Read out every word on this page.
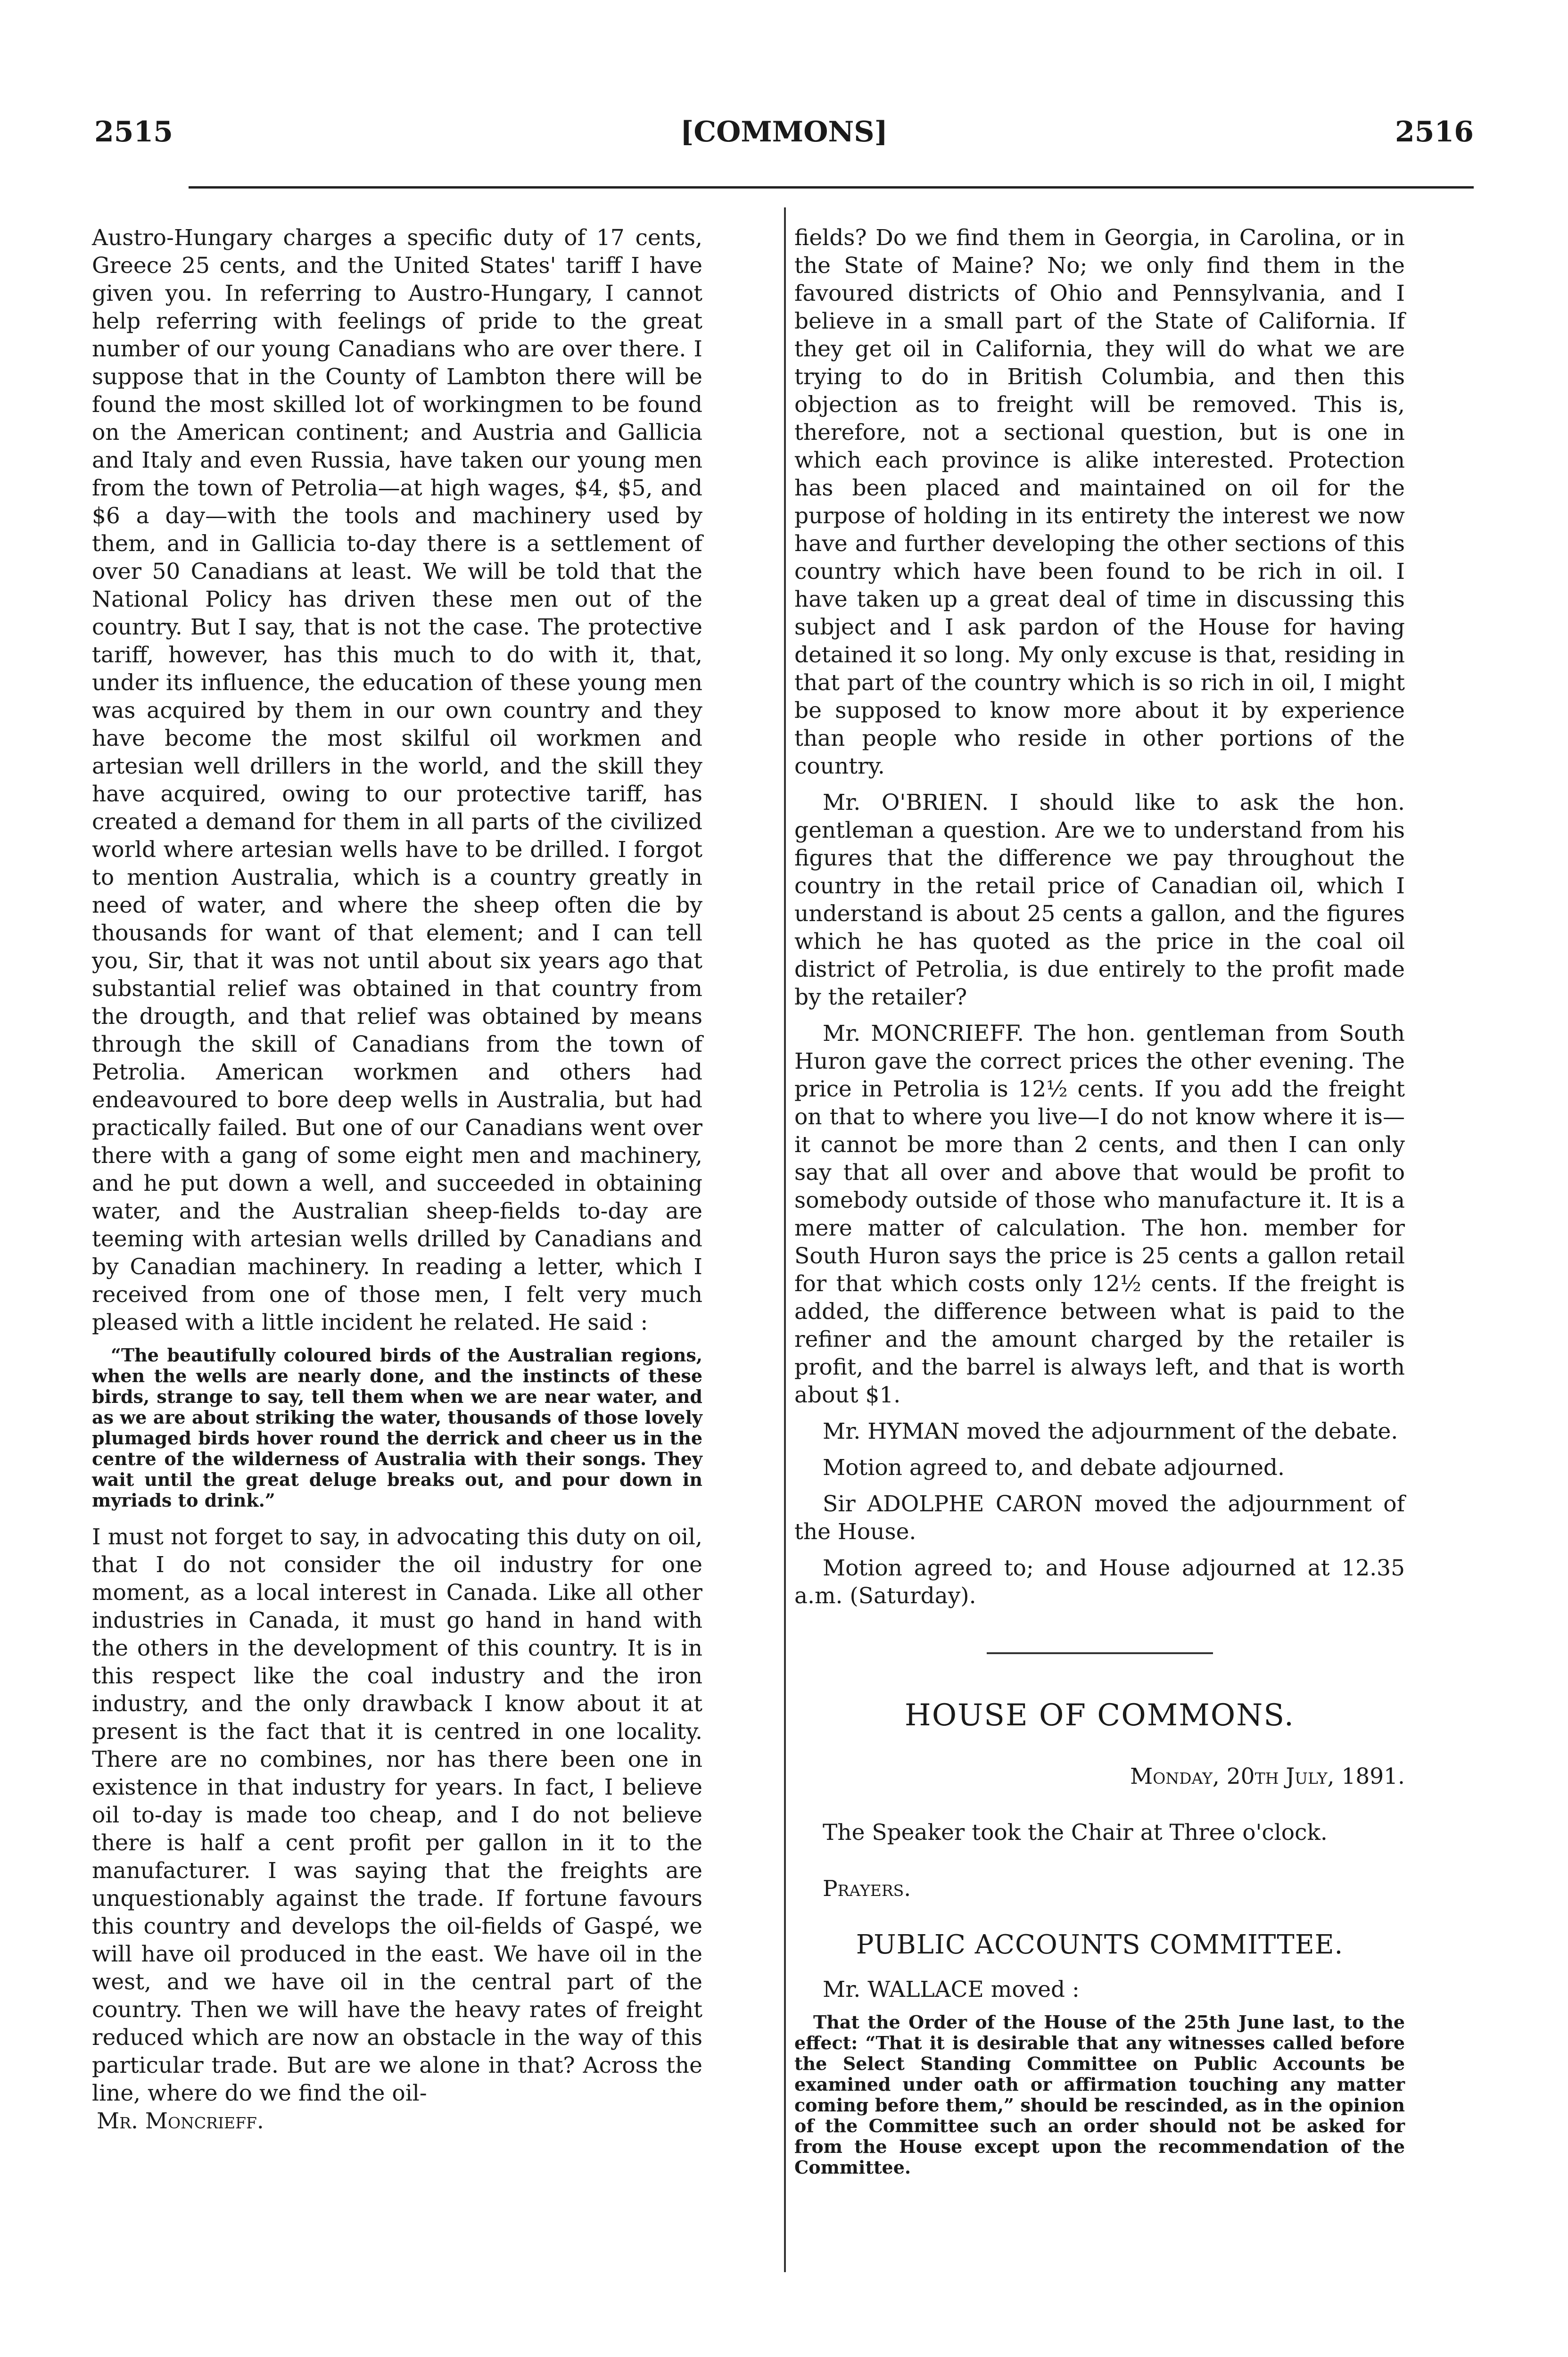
2515	[COMMONS]	2516

Austro-Hungary charges a specific duty of 17 cents, Greece 25 cents, and the United States' tariff I have given you. In referring to Austro-Hungary, I cannot help referring with feelings of pride to the great number of our young Canadians who are over there. I suppose that in the County of Lambton there will be found the most skilled lot of workingmen to be found on the American continent; and Austria and Gallicia and Italy and even Russia, have taken our young men from the town of Petrolia—at high wages, $4, $5, and $6 a day—with the tools and machinery used by them, and in Gallicia to-day there is a settlement of over 50 Canadians at least. We will be told that the National Policy has driven these men out of the country. But I say, that is not the case. The protective tariff, however, has this much to do with it, that, under its influence, the education of these young men was acquired by them in our own country and they have become the most skilful oil workmen and artesian well drillers in the world, and the skill they have acquired, owing to our protective tariff, has created a demand for them in all parts of the civilized world where artesian wells have to be drilled. I forgot to mention Australia, which is a country greatly in need of water, and where the sheep often die by thousands for want of that element; and I can tell you, Sir, that it was not until about six years ago that substantial relief was obtained in that country from the drougth, and that relief was obtained by means through the skill of Canadians from the town of Petrolia. American workmen and others had endeavoured to bore deep wells in Australia, but had practically failed. But one of our Canadians went over there with a gang of some eight men and machinery, and he put down a well, and succeeded in obtaining water, and the Australian sheep-fields to-day are teeming with artesian wells drilled by Canadians and by Canadian machinery. In reading a letter, which I received from one of those men, I felt very much pleased with a little incident he related. He said :

“The beautifully coloured birds of the Australian regions, when the wells are nearly done, and the instincts of these birds, strange to say, tell them when we are near water, and as we are about striking the water, thousands of those lovely plumaged birds hover round the derrick and cheer us in the centre of the wilderness of Australia with their songs. They wait until the great deluge breaks out, and pour down in myriads to drink.”

I must not forget to say, in advocating this duty on oil, that I do not consider the oil industry for one moment, as a local interest in Canada. Like all other industries in Canada, it must go hand in hand with the others in the development of this country. It is in this respect like the coal industry and the iron industry, and the only drawback I know about it at present is the fact that it is centred in one locality. There are no combines, nor has there been one in existence in that industry for years. In fact, I believe oil to-day is made too cheap, and I do not believe there is half a cent profit per gallon in it to the manufacturer. I was saying that the freights are unquestionably against the trade. If fortune favours this country and develops the oil-fields of Gaspé, we will have oil produced in the east. We have oil in the west, and we have oil in the central part of the country. Then we will have the heavy rates of freight reduced which are now an obstacle in the way of this particular trade. But are we alone in that? Across the line, where do we find the oil-

Mr. Moncrieff.

fields? Do we find them in Georgia, in Carolina, or in the State of Maine? No; we only find them in the favoured districts of Ohio and Pennsylvania, and I believe in a small part of the State of California. If they get oil in California, they will do what we are trying to do in British Columbia, and then this objection as to freight will be removed. This is, therefore, not a sectional question, but is one in which each province is alike interested. Protection has been placed and maintained on oil for the purpose of holding in its entirety the interest we now have and further developing the other sections of this country which have been found to be rich in oil. I have taken up a great deal of time in discussing this subject and I ask pardon of the House for having detained it so long. My only excuse is that, residing in that part of the country which is so rich in oil, I might be supposed to know more about it by experience than people who reside in other portions of the country.

Mr. O'BRIEN. I should like to ask the hon. gentleman a question. Are we to understand from his figures that the difference we pay throughout the country in the retail price of Canadian oil, which I understand is about 25 cents a gallon, and the figures which he has quoted as the price in the coal oil district of Petrolia, is due entirely to the profit made by the retailer?

Mr. MONCRIEFF. The hon. gentleman from South Huron gave the correct prices the other evening. The price in Petrolia is 12½ cents. If you add the freight on that to where you live—I do not know where it is—it cannot be more than 2 cents, and then I can only say that all over and above that would be profit to somebody outside of those who manufacture it. It is a mere matter of calculation. The hon. member for South Huron says the price is 25 cents a gallon retail for that which costs only 12½ cents. If the freight is added, the difference between what is paid to the refiner and the amount charged by the retailer is profit, and the barrel is always left, and that is worth about $1.

Mr. HYMAN moved the adjournment of the debate.

Motion agreed to, and debate adjourned.

Sir ADOLPHE CARON moved the adjournment of the House.

Motion agreed to; and House adjourned at 12.35 a.m. (Saturday).

HOUSE OF COMMONS.

Monday, 20th July, 1891.

The Speaker took the Chair at Three o'clock.

Prayers.

PUBLIC ACCOUNTS COMMITTEE.

Mr. WALLACE moved :

That the Order of the House of the 25th June last, to the effect: “That it is desirable that any witnesses called before the Select Standing Committee on Public Accounts be examined under oath or affirmation touching any matter coming before them,” should be rescinded, as in the opinion of the Committee such an order should not be asked for from the House except upon the recommendation of the Committee.
